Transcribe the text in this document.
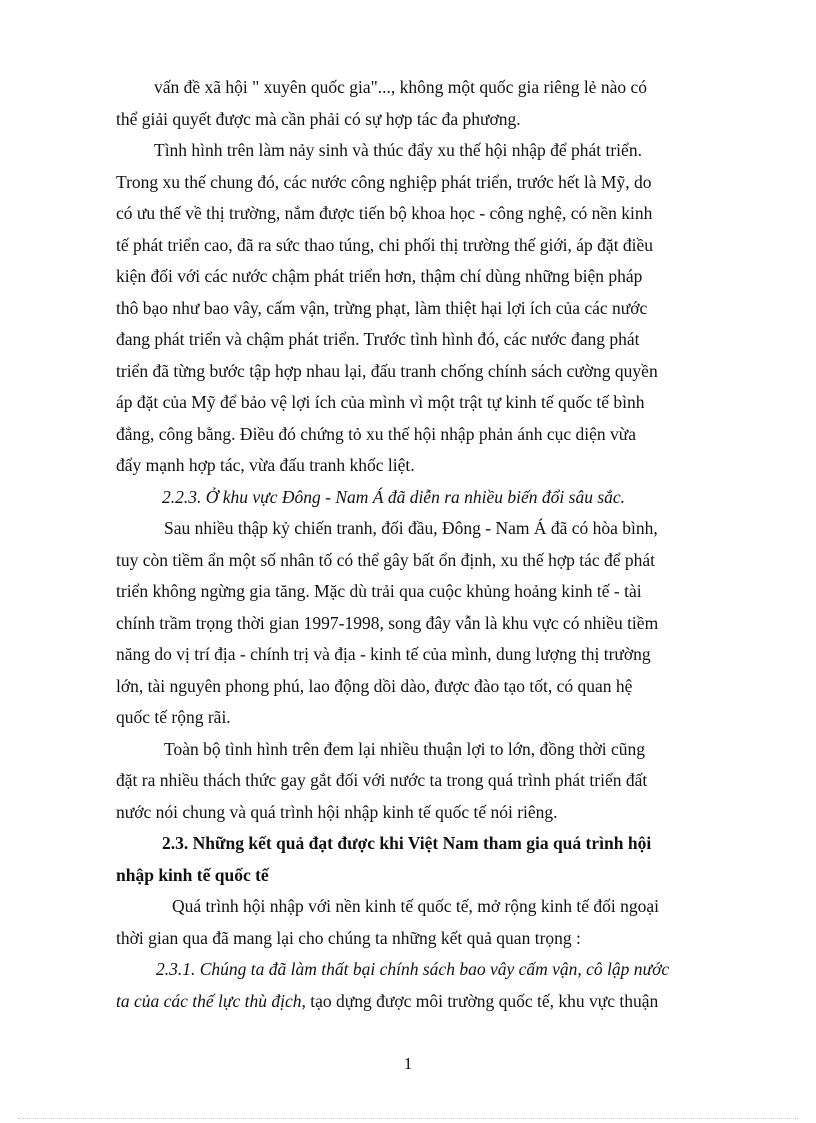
vấn đề xã hội " xuyên quốc gia"..., không một quốc gia riêng lẻ nào có
thể giải quyết được mà cần phải có sự hợp tác đa phương.
Tình hình trên làm nảy sinh và thúc đẩy xu thế hội nhập để phát triển.
Trong xu thế chung đó, các nước công nghiệp phát triển, trước hết là Mỹ, do
có ưu thế về thị trường, nắm được tiến bộ khoa học - công nghệ, có nền kinh
tế phát triển cao, đã ra sức thao túng, chi phối thị trường thế giới, áp đặt điều
kiện đối với các nước chậm phát triển hơn, thậm chí dùng những biện pháp
thô bạo như bao vây, cấm vận, trừng phạt, làm thiệt hại lợi ích của các nước
đang phát triển và chậm phát triển. Trước tình hình đó, các nước đang phát
triển đã từng bước tập hợp nhau lại, đấu tranh chống chính sách cường quyền
áp đặt của Mỹ để bảo vệ lợi ích của mình vì một trật tự kinh tế quốc tế bình
đẳng, công bằng. Điều đó chứng tỏ xu thế hội nhập phản ánh cục diện vừa
đẩy mạnh hợp tác, vừa đấu tranh khốc liệt.
2.2.3. Ở khu vực Đông - Nam Á đã diễn ra nhiều biến đổi sâu sắc.
Sau nhiều thập kỷ chiến tranh, đối đầu, Đông - Nam Á đã có hòa bình,
tuy còn tiềm ẩn một số nhân tố có thể gây bất ổn định, xu thế hợp tác để phát
triển không ngừng gia tăng. Mặc dù trải qua cuộc khủng hoảng kinh tế - tài
chính trầm trọng thời gian 1997-1998, song đây vẫn là khu vực có nhiều tiềm
năng do vị trí địa - chính trị và địa - kinh tế của mình, dung lượng thị trường
lớn, tài nguyên phong phú, lao động dồi dào, được đào tạo tốt, có quan hệ
quốc tế rộng rãi.
Toàn bộ tình hình trên đem lại nhiều thuận lợi to lớn, đồng thời cũng
đặt ra nhiều thách thức gay gắt đối với nước ta trong quá trình phát triển đất
nước nói chung và quá trình hội nhập kinh tế quốc tế nói riêng.
2.3. Những kết quả đạt được khi Việt Nam tham gia quá trình hội
nhập kinh tế quốc tế
Quá trình hội nhập với nền kinh tế quốc tế, mở rộng kinh tế đối ngoại
thời gian qua đã mang lại cho chúng ta những kết quả quan trọng :
2.3.1. Chúng ta đã làm thất bại chính sách bao vây cấm vận, cô lập nước
ta của các thế lực thù địch, tạo dựng được môi trường quốc tế, khu vực thuận
1
